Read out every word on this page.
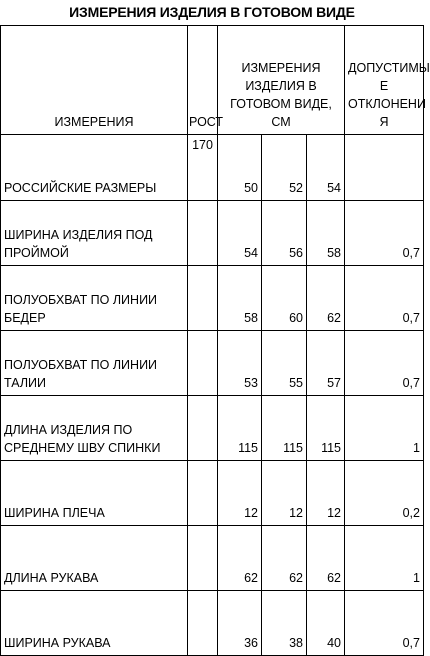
ИЗМЕРЕНИЯ ИЗДЕЛИЯ В ГОТОВОМ ВИДЕ
ИЗМЕРЕНИЯ	РОСТ	ИЗМЕРЕНИЯ ИЗДЕЛИЯ В ГОТОВОМ ВИДЕ, СМ			ДОПУСТИМЫ
Е
ОТКЛОНЕНИ
Я

РОССИЙСКИЕ РАЗМЕРЫ	170	50	52	54	
ШИРИНА ИЗДЕЛИЯ ПОД ПРОЙМОЙ		54	56	58	0,7
ПОЛУОБХВАТ ПО ЛИНИИ БЕДЕР		58	60	62	0,7
ПОЛУОБХВАТ ПО ЛИНИИ ТАЛИИ		53	55	57	0,7
ДЛИНА ИЗДЕЛИЯ ПО СРЕДНЕМУ ШВУ СПИНКИ		115	115	115	1
ШИРИНА ПЛЕЧА		12	12	12	0,2
ДЛИНА РУКАВА		62	62	62	1
ШИРИНА РУКАВА		36	38	40	0,7
